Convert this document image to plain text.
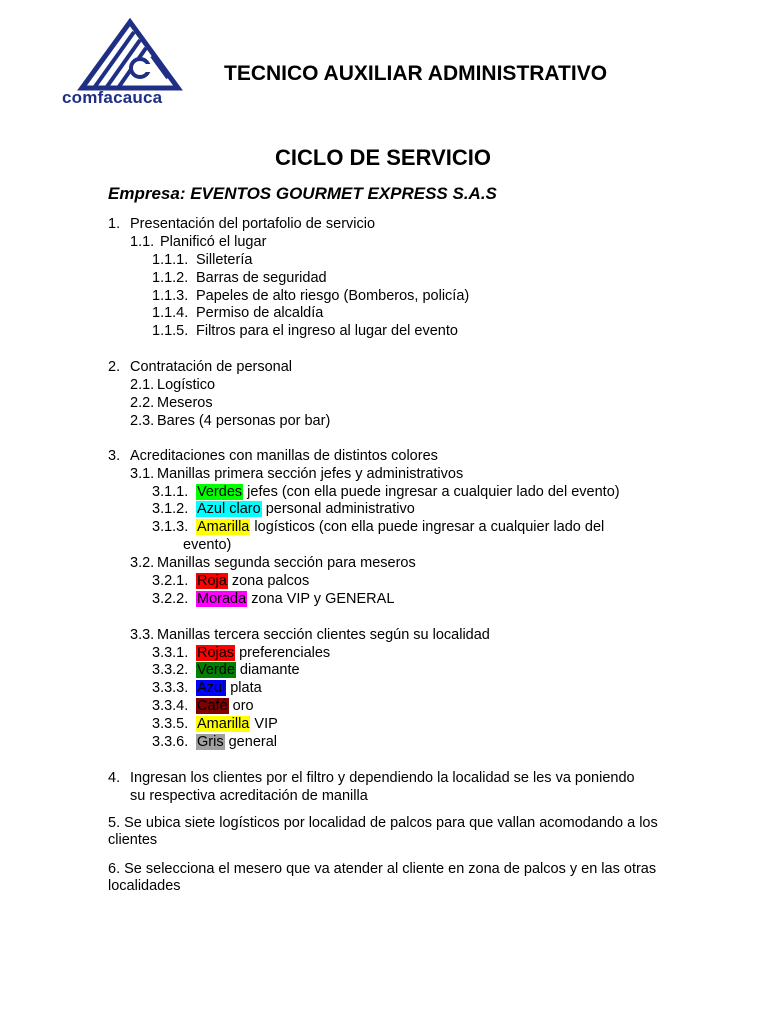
comfacauca
TECNICO AUXILIAR ADMINISTRATIVO
CICLO DE SERVICIO
Empresa: EVENTOS GOURMET EXPRESS S.A.S
1. Presentación del portafolio de servicio
1.1. Planificó el lugar
1.1.1. Silletería
1.1.2. Barras de seguridad
1.1.3. Papeles de alto riesgo (Bomberos, policía)
1.1.4. Permiso de alcaldía
1.1.5. Filtros para el ingreso al lugar del evento
2. Contratación de personal
2.1. Logístico
2.2. Meseros
2.3. Bares (4 personas por bar)
3. Acreditaciones con manillas de distintos colores
3.1. Manillas primera sección jefes y administrativos
3.1.1. Verdes jefes (con ella puede ingresar a cualquier lado del evento)
3.1.2. Azul claro personal administrativo
3.1.3. Amarilla logísticos (con ella puede ingresar a cualquier lado del
evento)
3.2. Manillas segunda sección para meseros
3.2.1. Roja zona palcos
3.2.2. Morada zona VIP y GENERAL
3.3. Manillas tercera sección clientes según su localidad
3.3.1. Rojas preferenciales
3.3.2. Verde diamante
3.3.3. Azul plata
3.3.4. Café oro
3.3.5. Amarilla VIP
3.3.6. Gris general
4. Ingresan los clientes por el filtro y dependiendo la localidad se les va poniendo
su respectiva acreditación de manilla
5. Se ubica siete logísticos por localidad de palcos para que vallan acomodando a los clientes
6. Se selecciona el mesero que va atender al cliente en zona de palcos y en las otras localidades
